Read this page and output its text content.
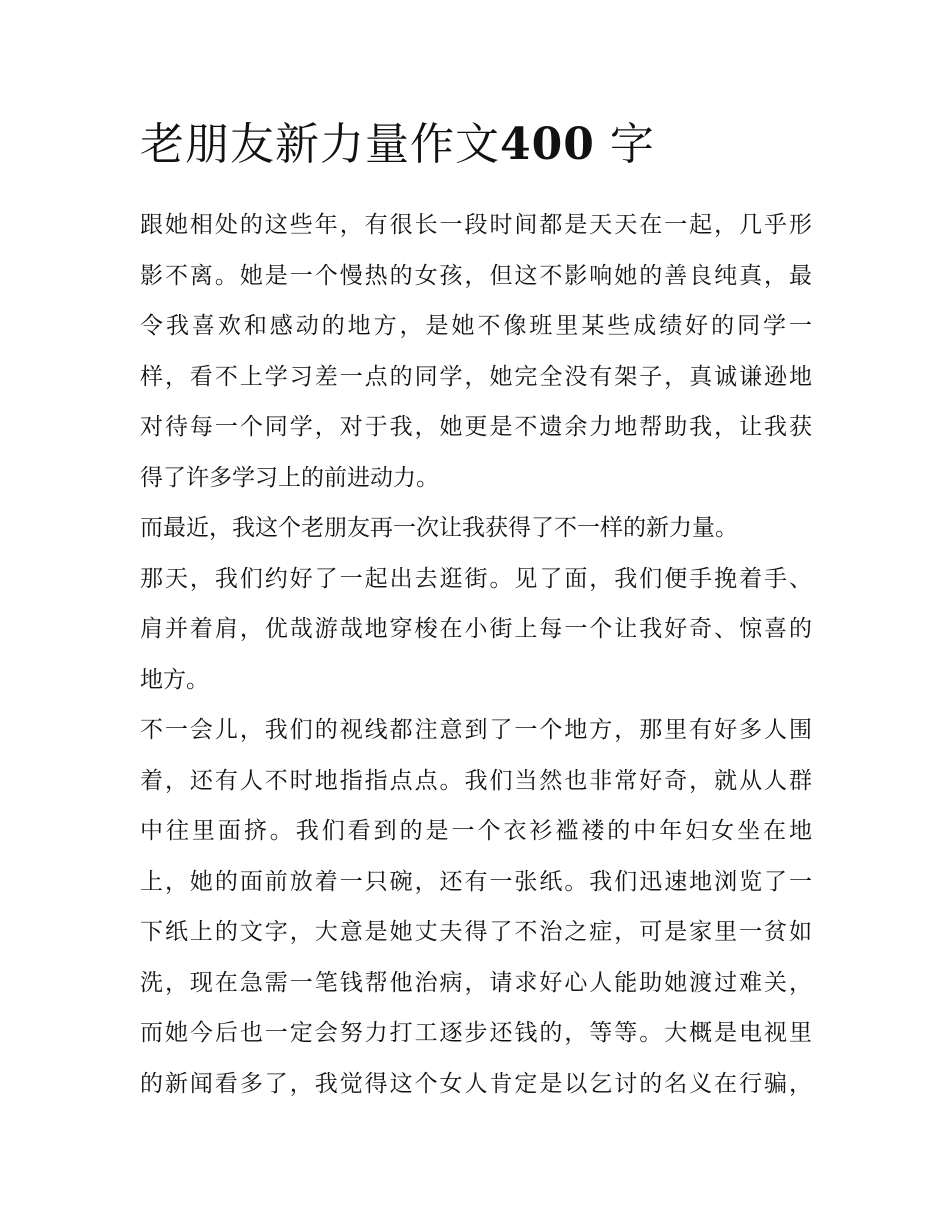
老朋友新力量作文400 字

跟她相处的这些年，有很长一段时间都是天天在一起，几乎形
影不离。她是一个慢热的女孩，但这不影响她的善良纯真，最
令我喜欢和感动的地方，是她不像班里某些成绩好的同学一
样，看不上学习差一点的同学，她完全没有架子，真诚谦逊地
对待每一个同学，对于我，她更是不遗余力地帮助我，让我获
得了许多学习上的前进动力。

而最近，我这个老朋友再一次让我获得了不一样的新力量。

那天，我们约好了一起出去逛街。见了面，我们便手挽着手、
肩并着肩，优哉游哉地穿梭在小街上每一个让我好奇、惊喜的
地方。

不一会儿，我们的视线都注意到了一个地方，那里有好多人围
着，还有人不时地指指点点。我们当然也非常好奇，就从人群
中往里面挤。我们看到的是一个衣衫褴褛的中年妇女坐在地
上，她的面前放着一只碗，还有一张纸。我们迅速地浏览了一
下纸上的文字，大意是她丈夫得了不治之症，可是家里一贫如
洗，现在急需一笔钱帮他治病，请求好心人能助她渡过难关，
而她今后也一定会努力打工逐步还钱的，等等。大概是电视里
的新闻看多了，我觉得这个女人肯定是以乞讨的名义在行骗，
